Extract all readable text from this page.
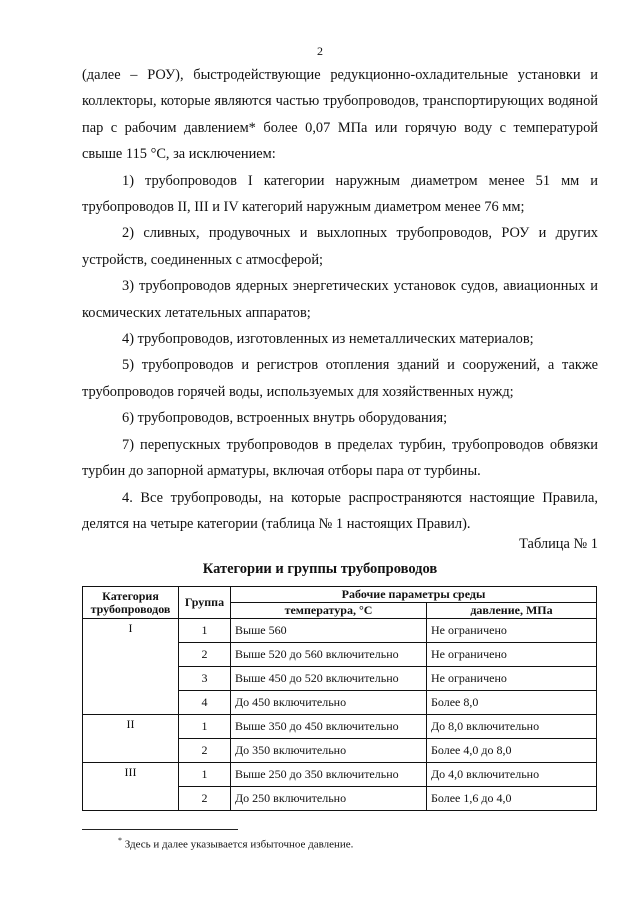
2

(далее – РОУ), быстродействующие редукционно-охладительные установки и коллекторы, которые являются частью трубопроводов, транспортирующих водяной пар с рабочим давлением* более 0,07 МПа или горячую воду с температурой свыше 115 °С, за исключением:

1) трубопроводов I категории наружным диаметром менее 51 мм и трубопроводов II, III и IV категорий наружным диаметром менее 76 мм;

2) сливных, продувочных и выхлопных трубопроводов, РОУ и других устройств, соединенных с атмосферой;

3) трубопроводов ядерных энергетических установок судов, авиационных и космических летательных аппаратов;

4) трубопроводов, изготовленных из неметаллических материалов;

5) трубопроводов и регистров отопления зданий и сооружений, а также трубопроводов горячей воды, используемых для хозяйственных нужд;

6) трубопроводов, встроенных внутрь оборудования;

7) перепускных трубопроводов в пределах турбин, трубопроводов обвязки турбин до запорной арматуры, включая отборы пара от турбины.

4. Все трубопроводы, на которые распространяются настоящие Правила, делятся на четыре категории (таблица № 1 настоящих Правил).

Таблица № 1
Категории и группы трубопроводов
Категория трубопроводов	Группа	Рабочие параметры среды	
		температура, °С	давление, МПа
I	1	Выше 560	Не ограничено
	2	Выше 520 до 560 включительно	Не ограничено
	3	Выше 450 до 520 включительно	Не ограничено
	4	До 450 включительно	Более 8,0
II	1	Выше 350 до 450 включительно	До 8,0 включительно
	2	До 350 включительно	Более 4,0 до 8,0
III	1	Выше 250 до 350 включительно	До 4,0 включительно
	2	До 250 включительно	Более 1,6 до 4,0
* Здесь и далее указывается избыточное давление.
